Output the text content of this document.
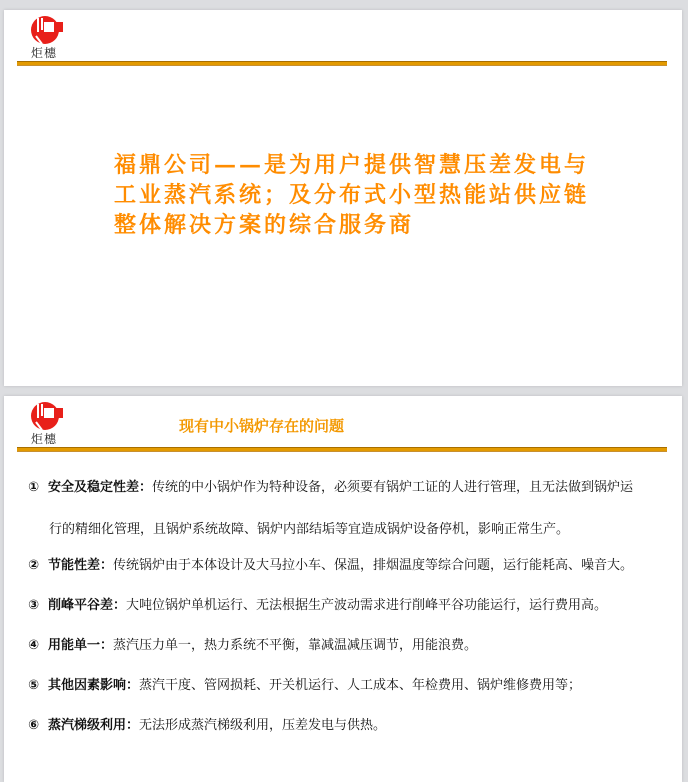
炬橞
福鼎公司——是为用户提供智慧压差发电与工业蒸汽系统；及分布式小型热能站供应链整体解决方案的综合服务商
炬橞
现有中小锅炉存在的问题
① 安全及稳定性差：传统的中小锅炉作为特种设备，必须要有锅炉工证的人进行管理，且无法做到锅炉运
行的精细化管理，且锅炉系统故障、锅炉内部结垢等宜造成锅炉设备停机，影响正常生产。
② 节能性差：传统锅炉由于本体设计及大马拉小车、保温，排烟温度等综合问题，运行能耗高、噪音大。
③ 削峰平谷差：大吨位锅炉单机运行、无法根据生产波动需求进行削峰平谷功能运行，运行费用高。
④ 用能单一：蒸汽压力单一，热力系统不平衡，靠减温减压调节，用能浪费。
⑤ 其他因素影响：蒸汽干度、管网损耗、开关机运行、人工成本、年检费用、锅炉维修费用等；
⑥ 蒸汽梯级利用：无法形成蒸汽梯级利用，压差发电与供热。
